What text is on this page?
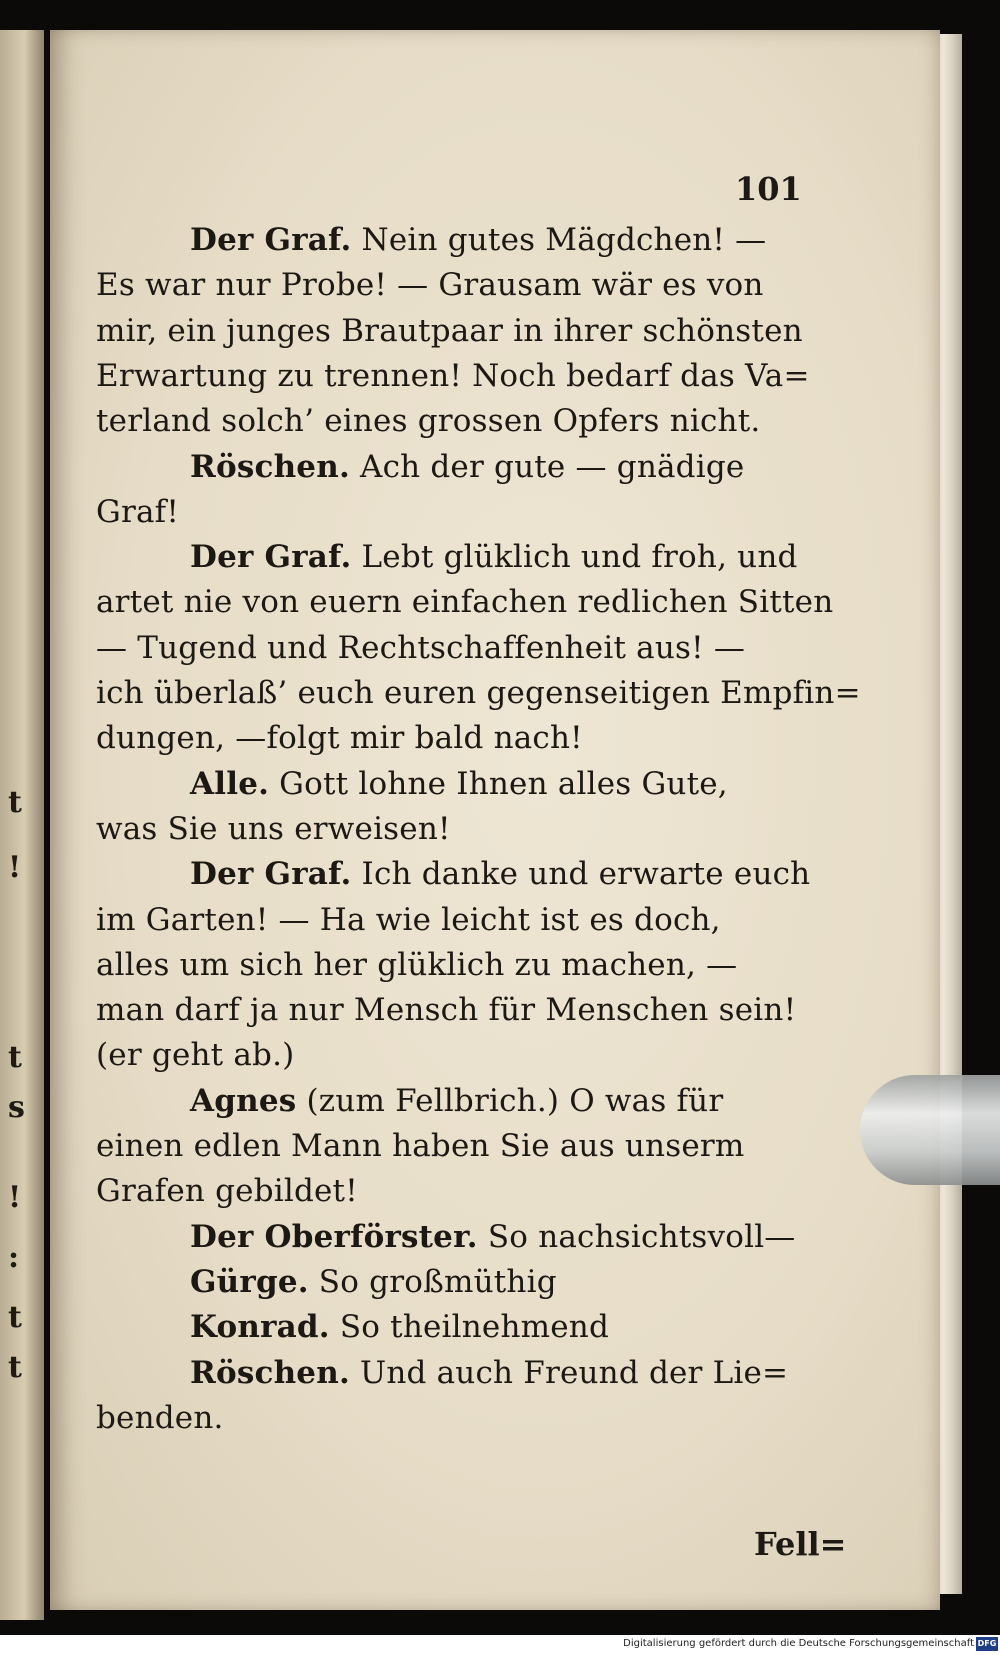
t
!
t
s
!
:
t
t
101
Der Graf. Nein gutes Mägdchen! —
Es war nur Probe! — Grausam wär es von
mir, ein junges Brautpaar in ihrer schönsten
Erwartung zu trennen! Noch bedarf das Va=
terland solch’ eines grossen Opfers nicht.
Röschen. Ach der gute — gnädige
Graf!
Der Graf. Lebt glüklich und froh, und
artet nie von euern einfachen redlichen Sitten
— Tugend und Rechtschaffenheit aus! —
ich überlaß’ euch euren gegenseitigen Empfin=
dungen, —folgt mir bald nach!
Alle. Gott lohne Ihnen alles Gute,
was Sie uns erweisen!
Der Graf. Ich danke und erwarte euch
im Garten! — Ha wie leicht ist es doch,
alles um sich her glüklich zu machen, —
man darf ja nur Mensch für Menschen sein!
(er geht ab.)
Agnes (zum Fellbrich.) O was für
einen edlen Mann haben Sie aus unserm
Grafen gebildet!
Der Oberförster. So nachsichtsvoll—
Gürge. So großmüthig
Konrad. So theilnehmend
Röschen. Und auch Freund der Lie=
benden.
Fell=
Digitalisierung gefördert durch die Deutsche Forschungsgemeinschaft DFG
